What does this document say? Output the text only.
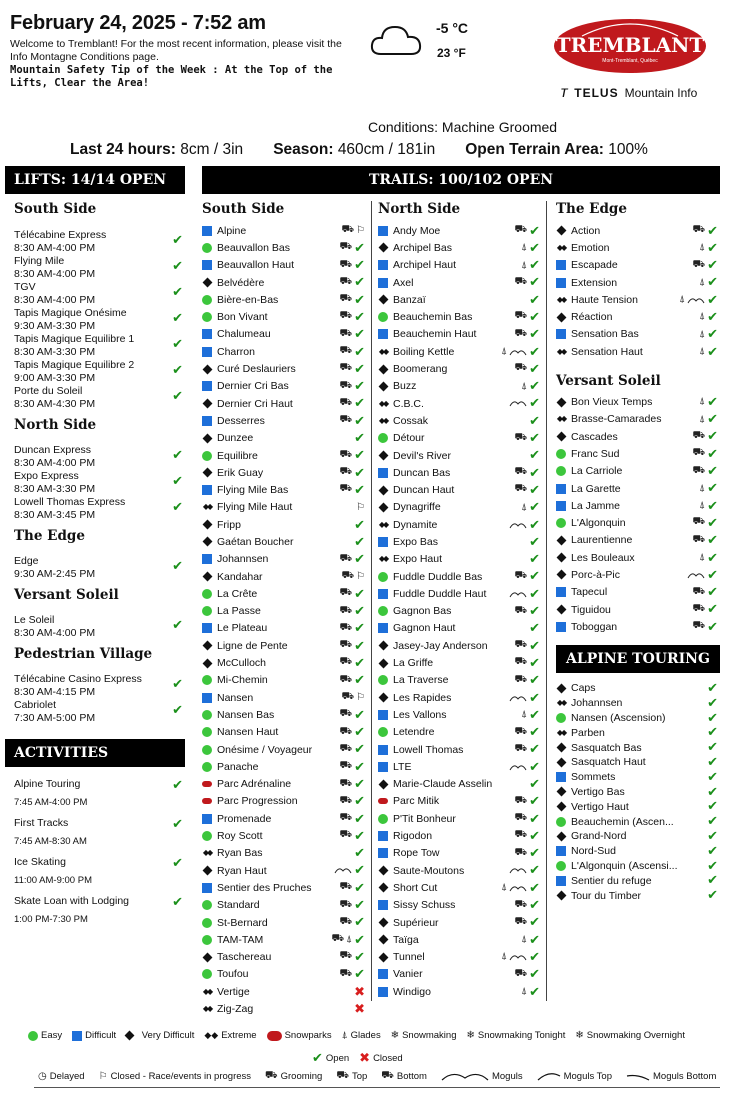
February 24, 2025 - 7:52 am
Welcome to Tremblant! For the most recent information, please visit the Info Montagne Conditions page.
Mountain Safety Tip of the Week : At the Top of the Lifts, Clear the Area!
-5 °C
23 °F	TREMBLANT
Mont-Tremblant, Québec
ᴛ TELUS Mountain Info
Conditions: Machine Groomed
Last 24 hours: 8cm / 3in Season: 460cm / 181in Open Terrain Area: 100%
LIFTS: 14/14 OPEN
South Side
Télécabine Express
8:30 AM-4:00 PM
✔
Flying Mile
8:30 AM-4:00 PM
✔
TGV
8:30 AM-4:00 PM
✔
Tapis Magique Onésime
9:30 AM-3:30 PM
✔
Tapis Magique Equilibre 1
8:30 AM-3:30 PM
✔
Tapis Magique Equilibre 2
9:00 AM-3:30 PM
✔
Porte du Soleil
8:30 AM-4:30 PM
✔
North Side
Duncan Express
8:30 AM-4:00 PM
✔
Expo Express
8:30 AM-3:30 PM
✔
Lowell Thomas Express
8:30 AM-3:45 PM
✔
The Edge
Edge
9:30 AM-2:45 PM
✔
Versant Soleil
Le Soleil
8:30 AM-4:00 PM
✔
Pedestrian Village
Télécabine Casino Express
8:30 AM-4:15 PM
✔
Cabriolet
7:30 AM-5:00 PM
✔
ACTIVITIES
Alpine Touring
7:45 AM-4:00 PM
✔
First Tracks
7:45 AM-8:30 AM
✔
Ice Skating
11:00 AM-9:00 PM
✔
Skate Loan with Lodging
1:00 PM-7:30 PM
✔
TRAILS: 100/102 OPEN
South Side
Alpine	⛟ ⚐
Beauvallon Bas	⛟ ✔
Beauvallon Haut	⛟ ✔
Belvédère	⛟ ✔
Bière-en-Bas	⛟ ✔
Bon Vivant	⛟ ✔
Chalumeau	⛟ ✔
Charron	⛟ ✔
Curé Deslauriers	⛟ ✔
Dernier Cri Bas	⛟ ✔
Dernier Cri Haut	⛟ ✔
Desserres	⛟ ✔
Dunzee	✔
Equilibre	⛟ ✔
Erik Guay	⛟ ✔
Flying Mile Bas	⛟ ✔
◆◆ Flying Mile Haut	⚐
Fripp	✔
Gaétan Boucher	✔
Johannsen	⛟ ✔
Kandahar	⛟ ⚐
La Crête	⛟ ✔
La Passe	⛟ ✔
Le Plateau	⛟ ✔
Ligne de Pente	⛟ ✔
McCulloch	⛟ ✔
Mi-Chemin	⛟ ✔
Nansen	⛟ ⚐
Nansen Bas	⛟ ✔
Nansen Haut	⛟ ✔
Onésime / Voyageur	⛟ ✔
Panache	⛟ ✔
Parc Adrénaline	⛟ ✔
Parc Progression	⛟ ✔
Promenade	⛟ ✔
Roy Scott	⛟ ✔
◆◆ Ryan Bas	✔
Ryan Haut	✔
Sentier des Pruches	⛟ ✔
Standard	⛟ ✔
St-Bernard	⛟ ✔
TAM-TAM	⛟ ⍋ ✔
Taschereau	⛟ ✔
Toufou	⛟ ✔
◆◆ Vertige	✖
◆◆ Zig-Zag	✖
North Side
Andy Moe	⛟ ✔
Archipel Bas	⍋ ✔
Archipel Haut	⍋ ✔
Axel	⛟ ✔
Banzaï	✔
Beauchemin Bas	⛟ ✔
Beauchemin Haut	⛟ ✔
◆◆ Boiling Kettle	⍋ ✔
Boomerang	⛟ ✔
Buzz	⍋ ✔
◆◆ C.B.C.	✔
◆◆ Cossak	✔
Détour	⛟ ✔
Devil's River	✔
Duncan Bas	⛟ ✔
Duncan Haut	⛟ ✔
Dynagriffe	⍋ ✔
◆◆ Dynamite	✔
Expo Bas	✔
◆◆ Expo Haut	✔
Fuddle Duddle Bas	⛟ ✔
Fuddle Duddle Haut	✔
Gagnon Bas	⛟ ✔
Gagnon Haut	✔
Jasey-Jay Anderson	⛟ ✔
La Griffe	⛟ ✔
La Traverse	⛟ ✔
Les Rapides	✔
Les Vallons	⍋ ✔
Letendre	⛟ ✔
Lowell Thomas	⛟ ✔
LTE	✔
Marie-Claude Asselin	✔
Parc Mitik	⛟ ✔
P'Tit Bonheur	⛟ ✔
Rigodon	⛟ ✔
Rope Tow	⛟ ✔
Saute-Moutons	✔
Short Cut	⍋ ✔
Sissy Schuss	⛟ ✔
Supérieur	⛟ ✔
Taïga	⍋ ✔
Tunnel	⍋ ✔
Vanier	⛟ ✔
Windigo	⍋ ✔
The Edge
Action	⛟ ✔
◆◆ Emotion	⍋ ✔
Escapade	⛟ ✔
Extension	⍋ ✔
◆◆ Haute Tension	⍋ ✔
Réaction	⍋ ✔
Sensation Bas	⍋ ✔
◆◆ Sensation Haut	⍋ ✔
Versant Soleil
Bon Vieux Temps	⍋ ✔
◆◆ Brasse-Camarades	⍋ ✔
Cascades	⛟ ✔
Franc Sud	⛟ ✔
La Carriole	⛟ ✔
La Garette	⍋ ✔
La Jamme	⍋ ✔
L'Algonquin	⛟ ✔
Laurentienne	⛟ ✔
Les Bouleaux	⍋ ✔
Porc-à-Pic	✔
Tapecul	⛟ ✔
Tiguidou	⛟ ✔
Toboggan	⛟ ✔
ALPINE TOURING
Caps	✔
◆◆ Johannsen	✔
Nansen (Ascension)	✔
◆◆ Parben	✔
Sasquatch Bas	✔
Sasquatch Haut	✔
Sommets	✔
Vertigo Bas	✔
Vertigo Haut	✔
Beauchemin (Ascen...	✔
Grand-Nord	✔
Nord-Sud	✔
L'Algonquin (Ascensi... ✔
Sentier du refuge	✔
Tour du Timber	✔
Easy Difficult
	Very Difficult ◆◆ Extreme	Snowparks ⍋ Glades ❄ Snowmaking ❄ Snowmaking Tonight ❄ Snowmaking Overnight
✔ Open ✖ Closed
◷ Delayed ⚐ Closed - Race/events in progress ⛟ Grooming ⛟ Top ⛟ Bottom	Moguls	Moguls Top	Moguls Bottom
